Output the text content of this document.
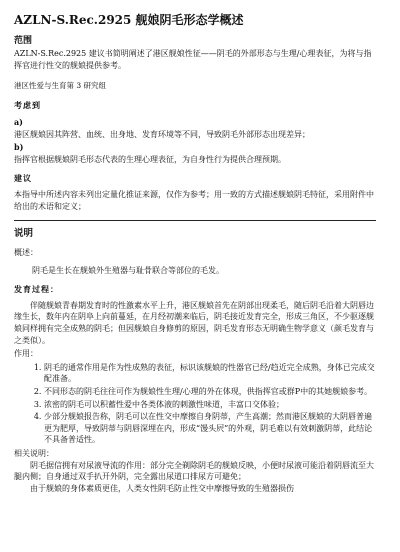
AZLN-S.Rec.2925 舰娘阴毛形态学概述
范围

AZLN-S.Rec.2925 建议书简明阐述了港区舰娘性征——阴毛的外部形态与生理/心理表征，为将与指挥官进行性交的舰娘提供参考。

港区性爱与生育第 3 研究组
考虑到
a)

港区舰娘因其阵营、血统、出身地、发育环境等不同，导致阴毛外部形态出现差异；

b)

指挥官根据舰娘阴毛形态代表的生理心理表征，为自身性行为提供合理预期。

建议

本指导中所述内容未列出定量化推证来源，仅作为参考；用一致的方式描述舰娘阴毛特征，采用附件中给出的术语和定义；

说明
概述：

阴毛是生长在舰娘外生殖器与耻骨联合等部位的毛发。

发育过程：

伴随舰娘青春期发育时的性激素水平上升，港区舰娘首先在阴部出现柔毛，随后阴毛沿着大阴唇边缘生长，数年内在阴阜上向前蔓延，在月经初潮来临后，阴毛接近发育完全，形成三角区，不少驱逐舰娘同样拥有完全成熟的阴毛；但因舰娘自身修剪的原因，阴毛发育形态无明确生物学意义（颜毛发育与之类似）。

作用：
1. 阴毛的通常作用是作为性成熟的表征，标识该舰娘的性器官已经/趋近完全成熟，身体已完成交配准备。
2. 不同形态的阴毛往往可作为舰娘性生理/心理的外在体现，供指挥官或群P中的其她舰娘参考。
3. 浓密的阴毛可以积蓄性爱中各类体液的刺激性味道，丰富口交体验；
4. 少部分舰娘报告称，阴毛可以在性交中摩擦自身阴蒂，产生高潮；然而港区舰娘的大阴唇普遍更为肥厚，导致阴蒂与阴唇深埋在内，形成“馒头屄”的外观，阴毛难以有效刺激阴蒂，此结论不具备普适性。
相关说明：

阴毛据信拥有对尿液导流的作用：部分完全剃除阴毛的舰娘反映，小便时尿液可能沿着阴唇流至大腿内侧；自身通过双手扒开外阴，完全露出尿道口排尿方可避免；

由于舰娘的身体素质更佳，人类女性阴毛防止性交中摩擦导致的生殖器损伤
